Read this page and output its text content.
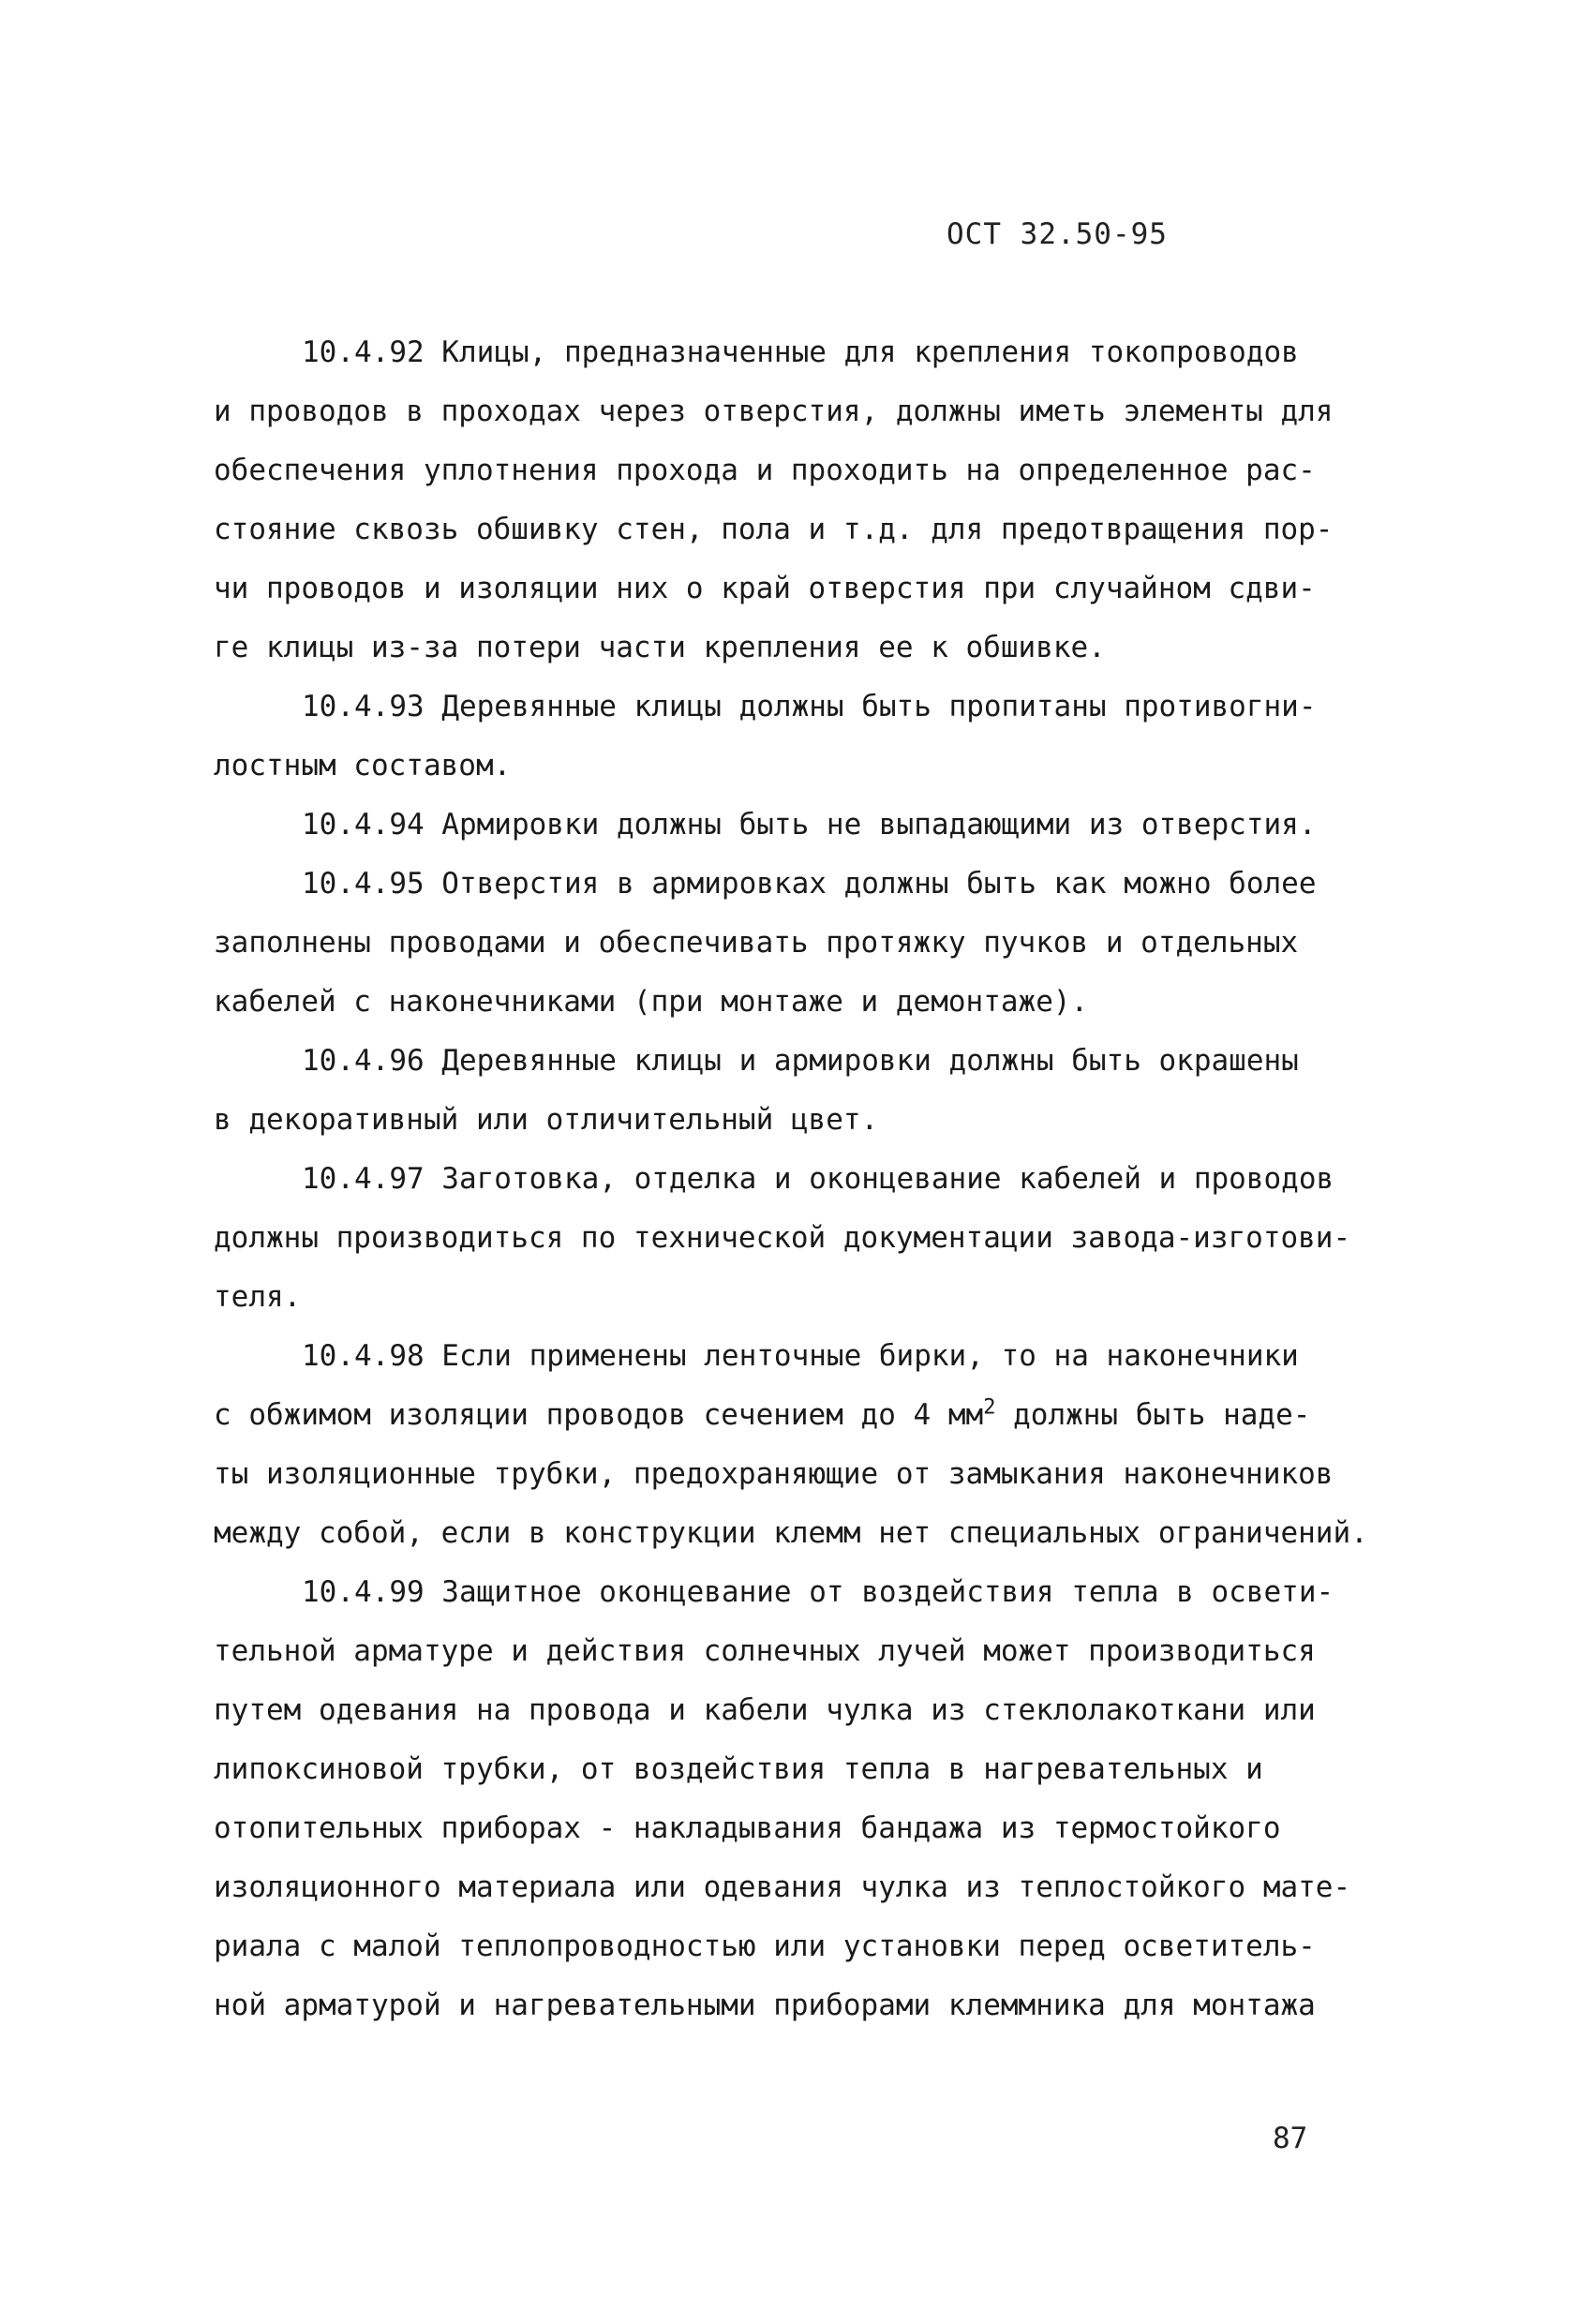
ОСТ 32.50-95
10.4.92 Клицы, предназначенные для крепления токопроводов
и проводов в проходах через отверстия, должны иметь элементы для
обеспечения уплотнения прохода и проходить на определенное рас-
стояние сквозь обшивку стен, пола и т.д. для предотвращения пор-
чи проводов и изоляции них о край отверстия при случайном сдви-
ге клицы из-за потери части крепления ее к обшивке.
10.4.93 Деревянные клицы должны быть пропитаны противогни-
лостным составом.
10.4.94 Армировки должны быть не выпадающими из отверстия.
10.4.95 Отверстия в армировках должны быть как можно более
заполнены проводами и обеспечивать протяжку пучков и отдельных
кабелей с наконечниками (при монтаже и демонтаже).
10.4.96 Деревянные клицы и армировки должны быть окрашены
в декоративный или отличительный цвет.
10.4.97 Заготовка, отделка и оконцевание кабелей и проводов
должны производиться по технической документации завода-изготови-
теля.
10.4.98 Если применены ленточные бирки, то на наконечники
с обжимом изоляции проводов сечением до 4 $мм^2$ должны быть наде-
ты изоляционные трубки, предохраняющие от замыкания наконечников
между собой, если в конструкции клемм нет специальных ограничений.
10.4.99 Защитное оконцевание от воздействия тепла в освети-
тельной арматуре и действия солнечных лучей может производиться
путем одевания на провода и кабели чулка из стеклолакоткани или
липоксиновой трубки, от воздействия тепла в нагревательных и
отопительных приборах - накладывания бандажа из термостойкого
изоляционного материала или одевания чулка из теплостойкого мате-
риала с малой теплопроводностью или установки перед осветитель-
ной арматурой и нагревательными приборами клеммника для монтажа
87
